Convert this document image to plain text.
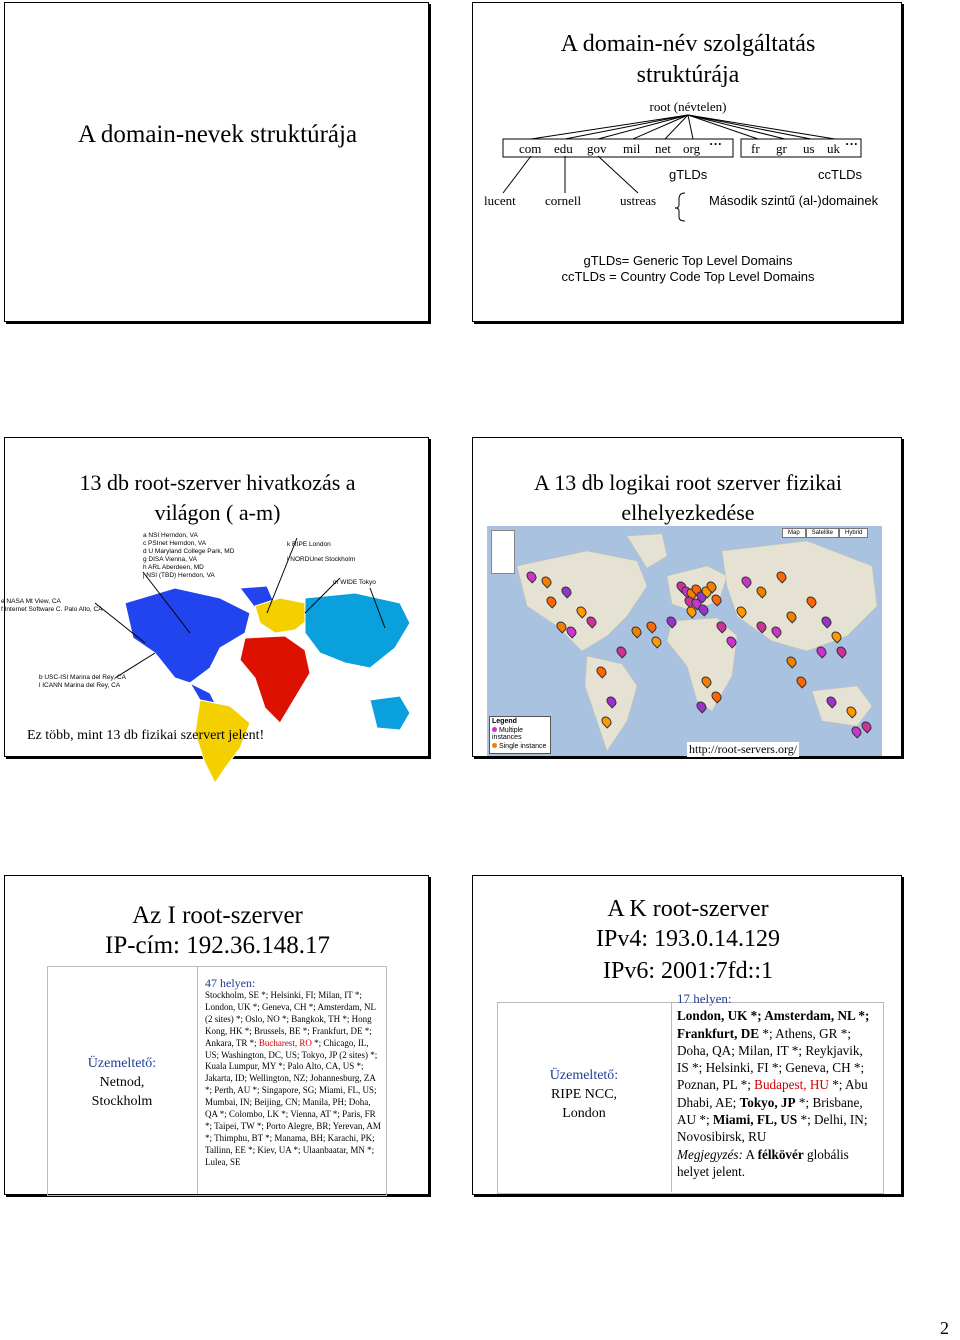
A domain-nevek struktúrája
A domain-név szolgáltatás struktúrája
root (névtelen)
com edu gov mil net org ··· fr gr us uk ···
gTLDs	ccTLDs
lucent cornell	ustreas	Második szintű (al-)domainek
gTLDs= Generic Top Level Domains
ccTLDs = Country Code Top Level Domains
13 db root-szerver hivatkozás a világon ( a-m)
a NSI Herndon, VA
c PSInet Herndon, VA
d U Maryland College Park, MD
g DISA Vienna, VA
h ARL Aberdeen, MD
j NSI (TBD) Herndon, VA
k RIPE London
i NORDUnet Stockholm
m WIDE Tokyo
e NASA Mt View, CA
f Internet Software C. Palo Alto, CA
b USC-ISI Marina del Rey, CA
l ICANN Marina del Rey, CA
Ez több, mint 13 db fizikai szervert jelent!
A 13 db logikai root szerver fizikai elhelyezkedése
Map	Satellite	Hybrid
Legend
Multiple instances
Single instance	http://root-servers.org/
Az I root-szerver
IP-cím: 192.36.148.17
Üzemeltető:
Netnod,
Stockholm
47 helyen:
Stockholm, SE *; Helsinki, FI; Milan, IT *; London, UK *; Geneva, CH *; Amsterdam, NL (2 sites) *; Oslo, NO *; Bangkok, TH *; Hong Kong, HK *; Brussels, BE *; Frankfurt, DE *; Ankara, TR *; Bucharest, RO *; Chicago, IL, US; Washington, DC, US; Tokyo, JP (2 sites) *; Kuala Lumpur, MY *; Palo Alto, CA, US *; Jakarta, ID; Wellington, NZ; Johannesburg, ZA *; Perth, AU *; Singapore, SG; Miami, FL, US; Mumbai, IN; Beijing, CN; Manila, PH; Doha, QA *; Colombo, LK *; Vienna, AT *; Paris, FR *; Taipei, TW *; Porto Alegre, BR; Yerevan, AM *; Thimphu, BT *; Manama, BH; Karachi, PK; Tallinn, EE *; Kiev, UA *; Ulaanbaatar, MN *; Lulea, SE
A K root-szerver
IPv4: 193.0.14.129
IPv6: 2001:7fd::1
Üzemeltető:
RIPE NCC,
London
17 helyen:
London, UK *; Amsterdam, NL *; Frankfurt, DE *; Athens, GR *; Doha, QA; Milan, IT *; Reykjavik, IS *; Helsinki, FI *; Geneva, CH *; Poznan, PL *; Budapest, HU *; Abu Dhabi, AE; Tokyo, JP *; Brisbane, AU *; Miami, FL, US *; Delhi, IN; Novosibirsk, RU
Megjegyzés: A félkövér globális helyet jelent.
2
